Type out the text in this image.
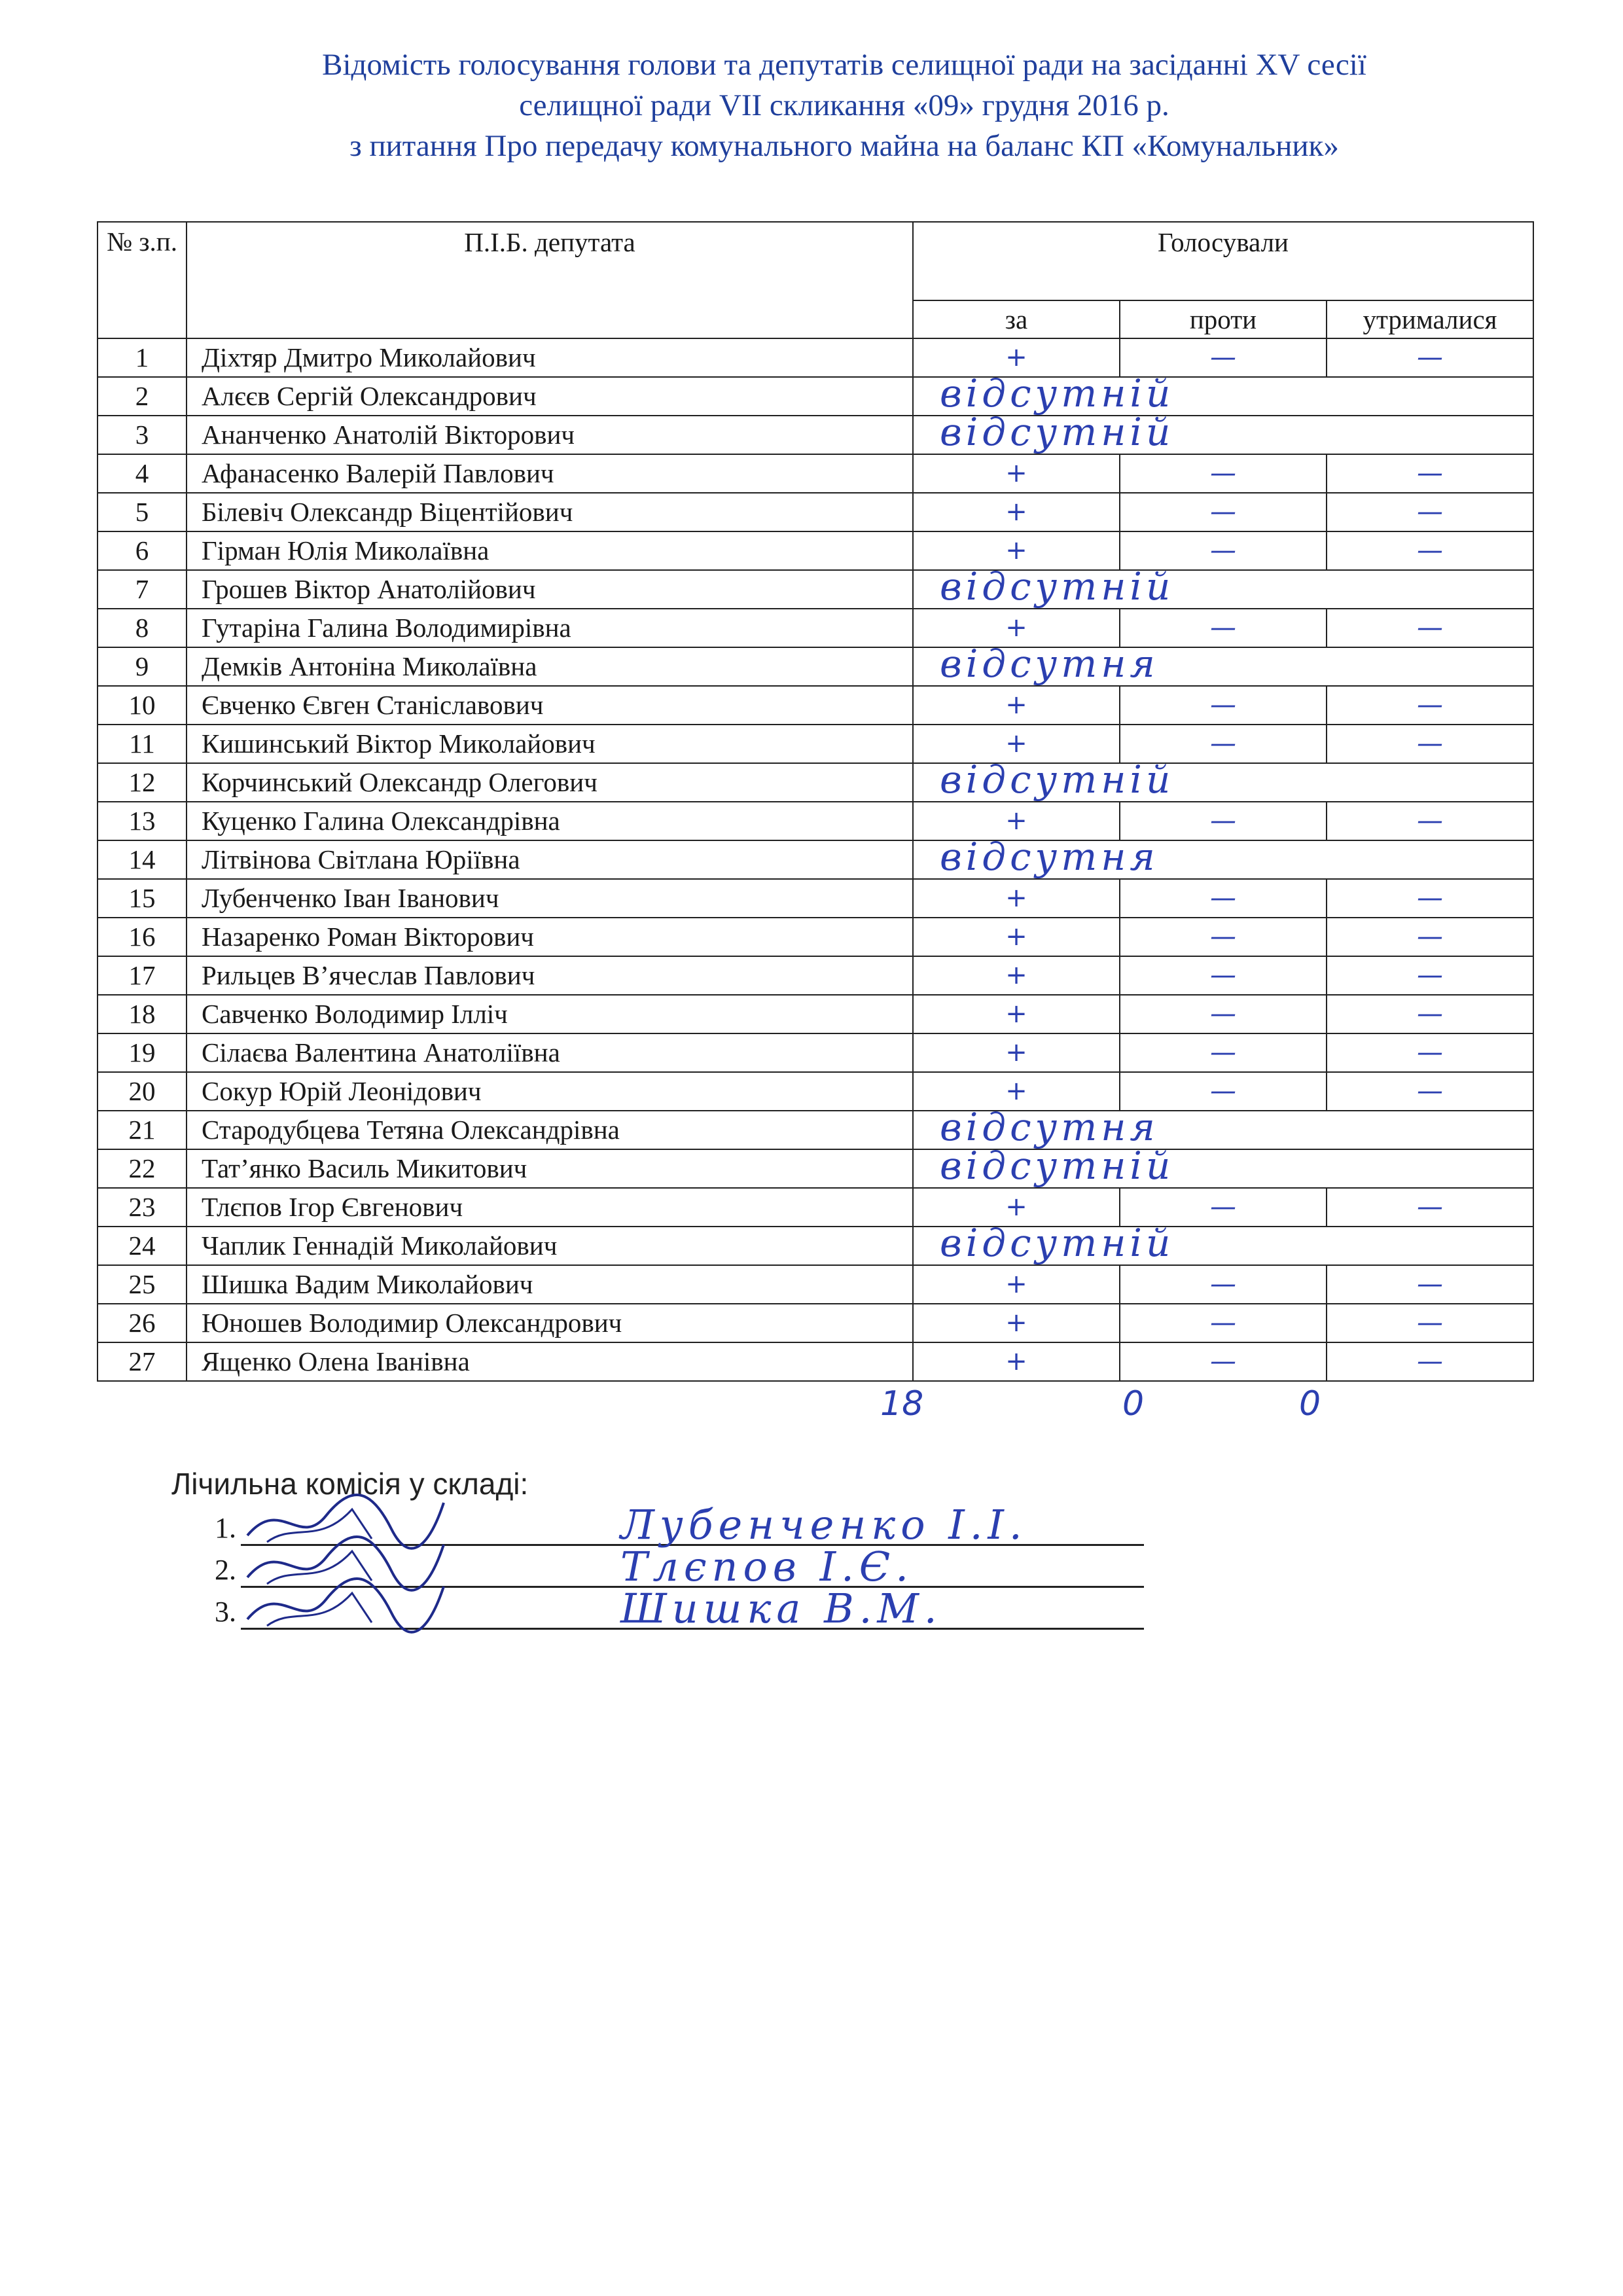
Відомість голосування голови та депутатів селищної ради на засіданні XV сесії
селищної ради VII скликання «09» грудня 2016 р.
з питання Про передачу комунального майна на баланс КП «Комунальник»
№ з.п.	П.І.Б. депутата	Голосували		
		за	проти	утрималися
1	Діхтяр Дмитро Миколайович	+	—	—
2	Алєєв Сергій Олександрович	відсутній		

3	Ананченко Анатолій Вікторович	відсутній		

4	Афанасенко Валерій Павлович	+	—	—
5	Білевіч Олександр Віцентійович	+	—	—
6	Гірман Юлія Миколаївна	+	—	—
7	Грошев Віктор Анатолійович	відсутній		

8	Гутаріна Галина Володимирівна	+	—	—
9	Демків Антоніна Миколаївна	відсутня		

10	Євченко Євген Станіславович	+	—	—
11	Кишинський Віктор Миколайович	+	—	—
12	Корчинський Олександр Олегович	відсутній		

13	Куценко Галина Олександрівна	+	—	—
14	Літвінова Світлана Юріївна	відсутня		

15	Лубенченко Іван Іванович	+	—	—
16	Назаренко Роман Вікторович	+	—	—
17	Рильцев В’ячеслав Павлович	+	—	—
18	Савченко Володимир Ілліч	+	—	—
19	Сілаєва Валентина Анатоліївна	+	—	—
20	Сокур Юрій Леонідович	+	—	—
21	Стародубцева Тетяна Олександрівна	відсутня		

22	Тат’янко Василь Микитович	відсутній		

23	Тлєпов Ігор Євгенович	+	—	—
24	Чаплик Геннадій Миколайович	відсутній		

25	Шишка Вадим Миколайович	+	—	—
26	Юношев Володимир Олександрович	+	—	—
27	Ященко Олена Іванівна	+	—	—
18	0	0
Лічильна комісія у складі:
1.	Лубенченко І.І.
2.	Тлєпов І.Є.
3.	Шишка В.М.
